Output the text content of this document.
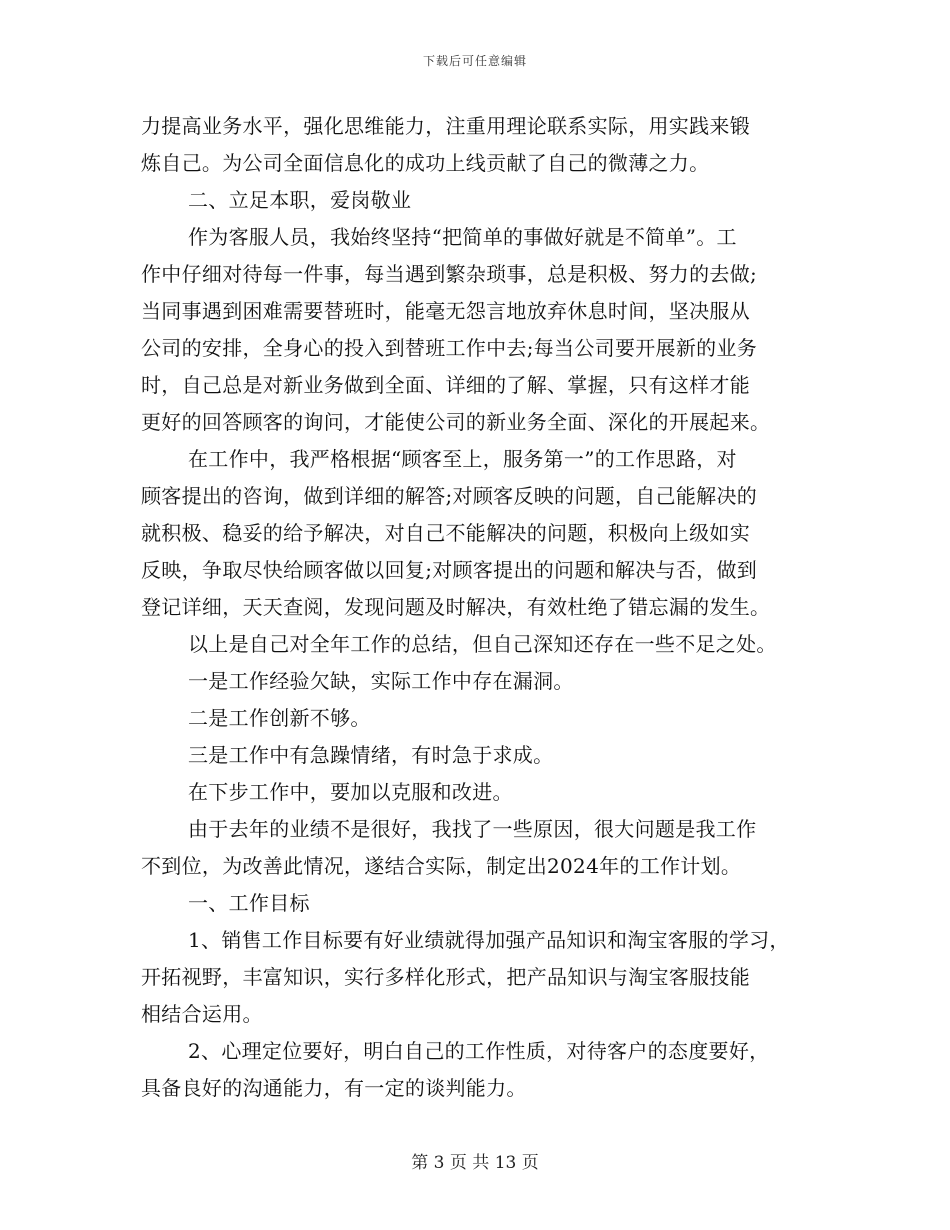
下载后可任意编辑
力提高业务水平，强化思维能力，注重用理论联系实际，用实践来锻
炼自己。为公司全面信息化的成功上线贡献了自己的微薄之力。
二、立足本职，爱岗敬业
作为客服人员，我始终坚持“把简单的事做好就是不简单”。工
作中仔细对待每一件事，每当遇到繁杂琐事，总是积极、努力的去做;
当同事遇到困难需要替班时，能毫无怨言地放弃休息时间，坚决服从
公司的安排，全身心的投入到替班工作中去;每当公司要开展新的业务
时，自己总是对新业务做到全面、详细的了解、掌握，只有这样才能
更好的回答顾客的询问，才能使公司的新业务全面、深化的开展起来。
在工作中，我严格根据“顾客至上，服务第一”的工作思路，对
顾客提出的咨询，做到详细的解答;对顾客反映的问题，自己能解决的
就积极、稳妥的给予解决，对自己不能解决的问题，积极向上级如实
反映，争取尽快给顾客做以回复;对顾客提出的问题和解决与否，做到
登记详细，天天查阅，发现问题及时解决，有效杜绝了错忘漏的发生。
以上是自己对全年工作的总结，但自己深知还存在一些不足之处。
一是工作经验欠缺，实际工作中存在漏洞。
二是工作创新不够。
三是工作中有急躁情绪，有时急于求成。
在下步工作中，要加以克服和改进。
由于去年的业绩不是很好，我找了一些原因，很大问题是我工作
不到位，为改善此情况，遂结合实际，制定出2024年的工作计划。
一、工作目标
1、销售工作目标要有好业绩就得加强产品知识和淘宝客服的学习，
开拓视野，丰富知识，实行多样化形式，把产品知识与淘宝客服技能
相结合运用。
2、心理定位要好，明白自己的工作性质，对待客户的态度要好，
具备良好的沟通能力，有一定的谈判能力。
第 3 页 共 13 页
